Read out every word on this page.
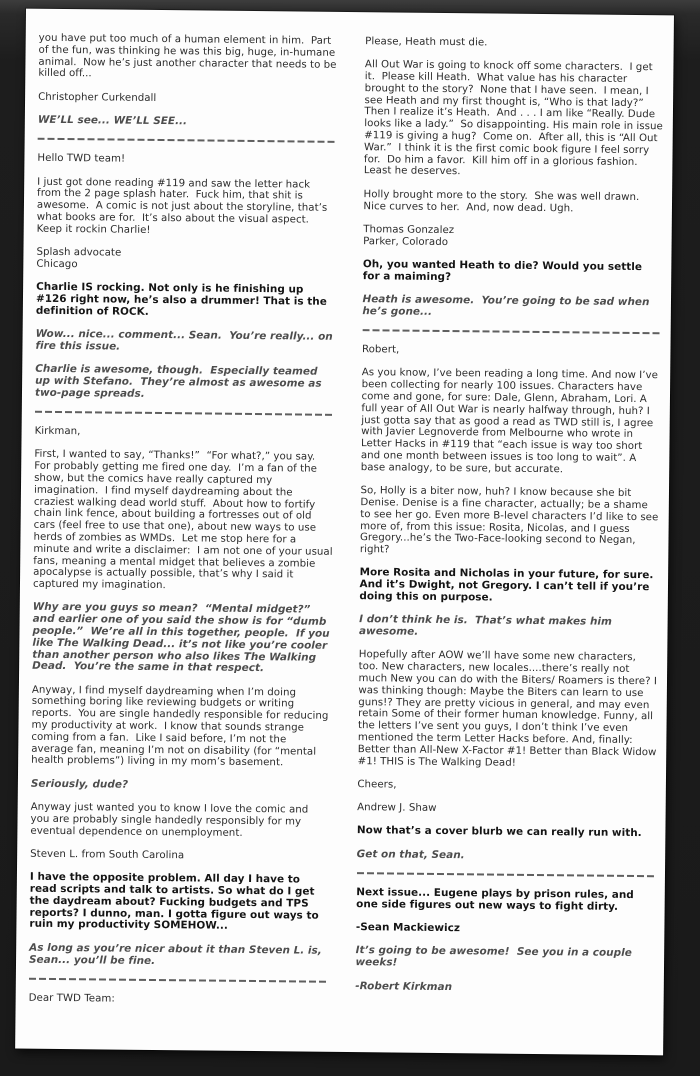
you have put too much of a human element in him.  Part of the fun, was thinking he was this big, huge, in-humane animal.  Now he’s just another character that needs to be killed off...

Christopher Curkendall

WE’LL see... WE’LL SEE...

Hello TWD team!

I just got done reading #119 and saw the letter hack from the 2 page splash hater.  Fuck him, that shit is awesome.  A comic is not just about the storyline, that’s what books are for.  It’s also about the visual aspect.  Keep it rockin Charlie!

Splash advocate
Chicago

Charlie IS rocking. Not only is he finishing up #126 right now, he’s also a drummer! That is the definition of ROCK.

Wow... nice... comment... Sean.  You’re really... on fire this issue.

Charlie is awesome, though.  Especially teamed up with Stefano.  They’re almost as awesome as two-page spreads.

Kirkman,

First, I wanted to say, “Thanks!”  “For what?,” you say. For probably getting me fired one day.  I’m a fan of the show, but the comics have really captured my imagination.  I find myself daydreaming about the craziest walking dead world stuff.  About how to fortify chain link fence, about building a fortresses out of old cars (feel free to use that one), about new ways to use herds of zombies as WMDs.  Let me stop here for a minute and write a disclaimer:  I am not one of your usual fans, meaning a mental midget that believes a zombie apocalypse is actually possible, that’s why I said it captured my imagination.

Why are you guys so mean?  “Mental midget?” and earlier one of you said the show is for “dumb people.”  We’re all in this together, people.  If you like The Walking Dead... it’s not like you’re cooler than another person who also likes The Walking Dead.  You’re the same in that respect.

Anyway, I find myself daydreaming when I’m doing something boring like reviewing budgets or writing reports.  You are single handedly responsible for reducing my productivity at work.  I know that sounds strange coming from a fan.  Like I said before, I’m not the average fan, meaning I’m not on disability (for “mental health problems”) living in my mom’s basement.

Seriously, dude?

Anyway just wanted you to know I love the comic and you are probably single handedly responsibly for my eventual dependence on unemployment.

Steven L. from South Carolina

I have the opposite problem. All day I have to read scripts and talk to artists. So what do I get the daydream about? Fucking budgets and TPS reports? I dunno, man. I gotta figure out ways to ruin my productivity SOMEHOW...

As long as you’re nicer about it than Steven L. is, Sean... you’ll be fine.

Dear TWD Team:

Please, Heath must die.

All Out War is going to knock off some characters.  I get it.  Please kill Heath.  What value has his character brought to the story?  None that I have seen.  I mean, I see Heath and my first thought is, “Who is that lady?” Then I realize it’s Heath.  And . . . I am like “Really. Dude looks like a lady.”  So disappointing. His main role in issue #119 is giving a hug?  Come on.  After all, this is “All Out War.”  I think it is the first comic book figure I feel sorry for.  Do him a favor.  Kill him off in a glorious fashion.  Least he deserves.

Holly brought more to the story.  She was well drawn. Nice curves to her.  And, now dead. Ugh.

Thomas Gonzalez
Parker, Colorado

Oh, you wanted Heath to die? Would you settle for a maiming?

Heath is awesome.  You’re going to be sad when he’s gone...

Robert,

As you know, I’ve been reading a long time. And now I’ve been collecting for nearly 100 issues. Characters have come and gone, for sure: Dale, Glenn, Abraham, Lori. A full year of All Out War is nearly halfway through, huh? I just gotta say that as good a read as TWD still is, I agree with Javier Legnoverde from Melbourne who wrote in Letter Hacks in #119 that “each issue is way too short and one month between issues is too long to wait”. A base analogy, to be sure, but accurate.

So, Holly is a biter now, huh? I know because she bit Denise. Denise is a fine character, actually; be a shame to see her go. Even more B-level characters I’d like to see more of, from this issue: Rosita, Nicolas, and I guess Gregory...he’s the Two-Face-looking second to Negan, right?

More Rosita and Nicholas in your future, for sure. And it’s Dwight, not Gregory. I can’t tell if you’re doing this on purpose.

I don’t think he is.  That’s what makes him awesome.

Hopefully after AOW we’ll have some new characters, too. New characters, new locales....there’s really not much New you can do with the Biters/ Roamers is there? I was thinking though: Maybe the Biters can learn to use guns!? They are pretty vicious in general, and may even retain Some of their former human knowledge. Funny, all the letters I’ve sent you guys, I don’t think I’ve even mentioned the term Letter Hacks before. And, finally: Better than All-New X-Factor #1! Better than Black Widow #1! THIS is The Walking Dead!

Cheers,

Andrew J. Shaw

Now that’s a cover blurb we can really run with.

Get on that, Sean.

Next issue... Eugene plays by prison rules, and one side figures out new ways to fight dirty.

-Sean Mackiewicz

It’s going to be awesome!  See you in a couple weeks!

-Robert Kirkman
